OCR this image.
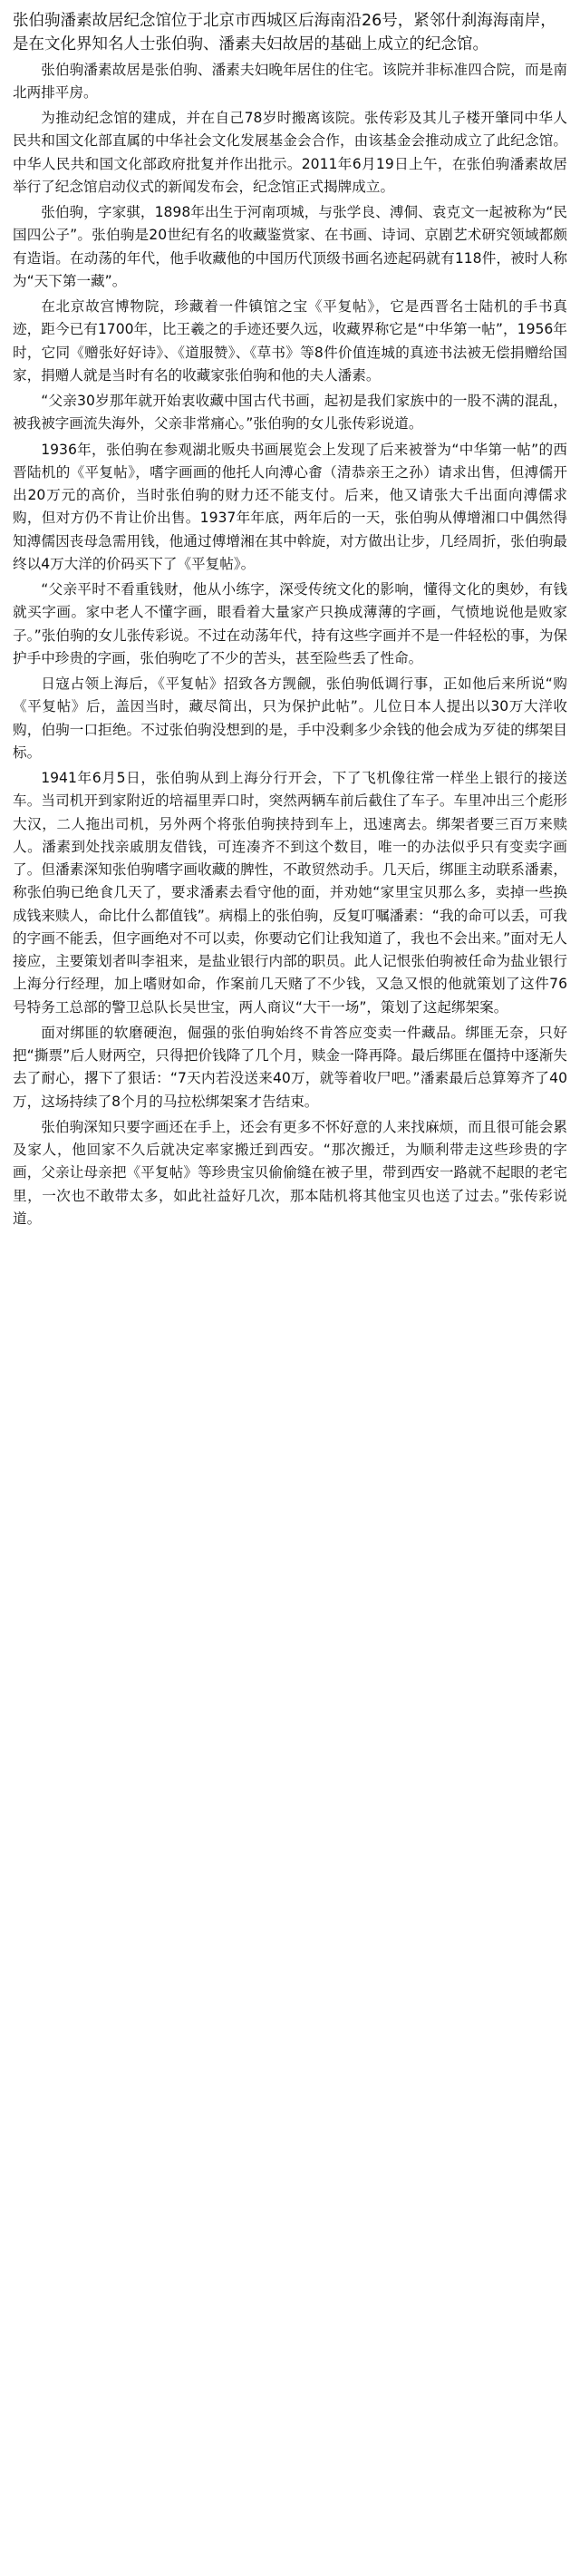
张伯驹潘素故居纪念馆位于北京市西城区后海南沿26号，紧邻什刹海海南岸，是在文化界知名人士张伯驹、潘素夫妇故居的基础上成立的纪念馆。

张伯驹潘素故居是张伯驹、潘素夫妇晚年居住的住宅。该院并非标准四合院，而是南北两排平房。

为推动纪念馆的建成，并在自己78岁时搬离该院。张传彩及其儿子楼开肇同中华人民共和国文化部直属的中华社会文化发展基金会合作，由该基金会推动成立了此纪念馆。中华人民共和国文化部政府批复并作出批示。2011年6月19日上午，在张伯驹潘素故居举行了纪念馆启动仪式的新闻发布会，纪念馆正式揭牌成立。

张伯驹，字家骐，1898年出生于河南项城，与张学良、溥侗、袁克文一起被称为“民国四公子”。张伯驹是20世纪有名的收藏鉴赏家、在书画、诗词、京剧艺术研究领域都颇有造诣。在动荡的年代，他手收藏他的中国历代顶级书画名迹起码就有118件，被时人称为“天下第一藏”。

在北京故宫博物院，珍藏着一件镇馆之宝《平复帖》，它是西晋名士陆机的手书真迹，距今已有1700年，比王羲之的手迹还要久远，收藏界称它是“中华第一帖”，1956年时，它同《赠张好好诗》、《道服赞》、《草书》等8件价值连城的真迹书法被无偿捐赠给国家，捐赠人就是当时有名的收藏家张伯驹和他的夫人潘素。

“父亲30岁那年就开始衷收藏中国古代书画，起初是我们家族中的一股不满的混乱，被我被字画流失海外，父亲非常痛心。”张伯驹的女儿张传彩说道。

1936年，张伯驹在参观湖北贩央书画展览会上发现了后来被誉为“中华第一帖”的西晋陆机的《平复帖》，嗜字画画的他托人向溥心畬（清恭亲王之孙）请求出售，但溥儒开出20万元的高价，当时张伯驹的财力还不能支付。后来，他又请张大千出面向溥儒求购，但对方仍不肯让价出售。1937年年底，两年后的一天，张伯驹从傅增湘口中偶然得知溥儒因丧母急需用钱，他通过傅增湘在其中斡旋，对方做出让步，几经周折，张伯驹最终以4万大洋的价码买下了《平复帖》。

“父亲平时不看重钱财，他从小练字，深受传统文化的影响，懂得文化的奥妙，有钱就买字画。家中老人不懂字画，眼看着大量家产只换成薄薄的字画，气愤地说他是败家子。”张伯驹的女儿张传彩说。不过在动荡年代，持有这些字画并不是一件轻松的事，为保护手中珍贵的字画，张伯驹吃了不少的苦头，甚至险些丢了性命。

日寇占领上海后，《平复帖》招致各方觊觎，张伯驹低调行事，正如他后来所说“购《平复帖》后，盖因当时，藏尽简出，只为保护此帖”。儿位日本人提出以30万大洋收购，伯驹一口拒绝。不过张伯驹没想到的是，手中没剩多少余钱的他会成为歹徒的绑架目标。

1941年6月5日，张伯驹从到上海分行开会，下了飞机像往常一样坐上银行的接送车。当司机开到家附近的培福里弄口时，突然两辆车前后截住了车子。车里冲出三个彪形大汉，二人拖出司机，另外两个将张伯驹挟持到车上，迅速离去。绑架者要三百万来赎人。潘素到处找亲戚朋友借钱，可连凑齐不到这个数目，唯一的办法似乎只有变卖字画了。但潘素深知张伯驹嗜字画收藏的脾性，不敢贸然动手。几天后，绑匪主动联系潘素，称张伯驹已绝食几天了，要求潘素去看守他的面，并劝她“家里宝贝那么多，卖掉一些换成钱来赎人，命比什么都值钱”。病榻上的张伯驹，反复叮嘱潘素：“我的命可以丢，可我的字画不能丢，但字画绝对不可以卖，你要动它们让我知道了，我也不会出来。”面对无人接应，主要策划者叫李祖来，是盐业银行内部的职员。此人记恨张伯驹被任命为盐业银行上海分行经理，加上嗜财如命，作案前几天赌了不少钱，又急又恨的他就策划了这件76号特务工总部的警卫总队长吴世宝，两人商议“大干一场”，策划了这起绑架案。

面对绑匪的软磨硬泡，倔强的张伯驹始终不肯答应变卖一件藏品。绑匪无奈，只好把“撕票”后人财两空，只得把价钱降了几个月，赎金一降再降。最后绑匪在僵持中逐渐失去了耐心，撂下了狠话：“7天内若没送来40万，就等着收尸吧。”潘素最后总算筹齐了40万，这场持续了8个月的马拉松绑架案才告结束。

张伯驹深知只要字画还在手上，还会有更多不怀好意的人来找麻烦，而且很可能会累及家人，他回家不久后就决定率家搬迁到西安。“那次搬迁，为顺利带走这些珍贵的字画，父亲让母亲把《平复帖》等珍贵宝贝偷偷缝在被子里，带到西安一路就不起眼的老宅里，一次也不敢带太多，如此社益好几次，那本陆机将其他宝贝也送了过去。”张传彩说道。
